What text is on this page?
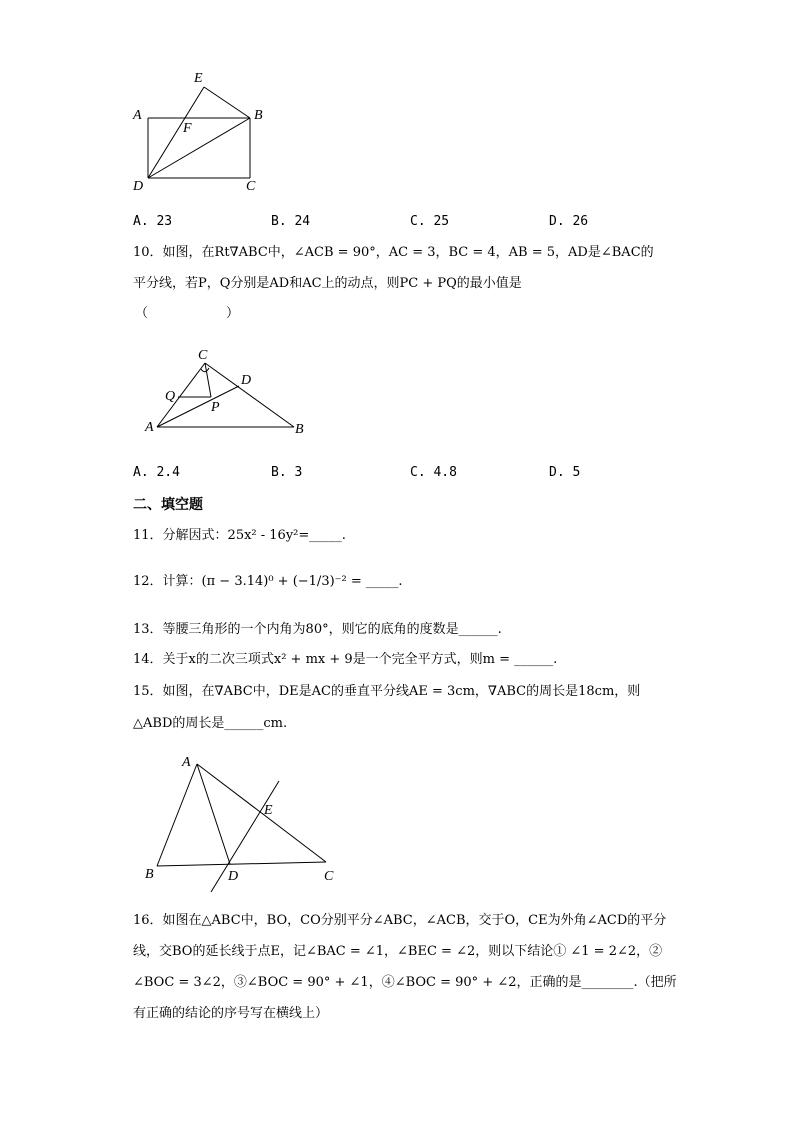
A	B
C
D
E
F
A. 23	B. 24	C. 25	D. 26
10．如图，在Rt∇ABC中，∠ACB = 90°，AC = 3，BC = 4，AB = 5，AD是∠BAC的
平分线，若P，Q分别是AD和AC上的动点，则PC + PQ的最小值是
（　　　　　　）
A	B
C
D
P
Q
A. 2.4	B. 3	C. 4.8	D. 5
二、填空题
11．分解因式：25x² - 16y²=_____.
12．计算：(π − 3.14)⁰ + (−1/3)⁻² = _____.
13．等腰三角形的一个内角为80°，则它的底角的度数是______.
14．关于x的二次三项式x² + mx + 9是一个完全平方式，则m = ______.
15．如图，在∇ABC中，DE是AC的垂直平分线AE = 3cm，∇ABC的周长是18cm，则
△ABD的周长是______cm.
A
B	C
D
E
16．如图在△ABC中，BO，CO分别平分∠ABC，∠ACB，交于O，CE为外角∠ACD的平分
线，交BO的延长线于点E，记∠BAC = ∠1，∠BEC = ∠2，则以下结论① ∠1 = 2∠2，②
∠BOC = 3∠2，③∠BOC = 90° + ∠1，④∠BOC = 90° + ∠2，正确的是________.（把所
有正确的结论的序号写在横线上）
